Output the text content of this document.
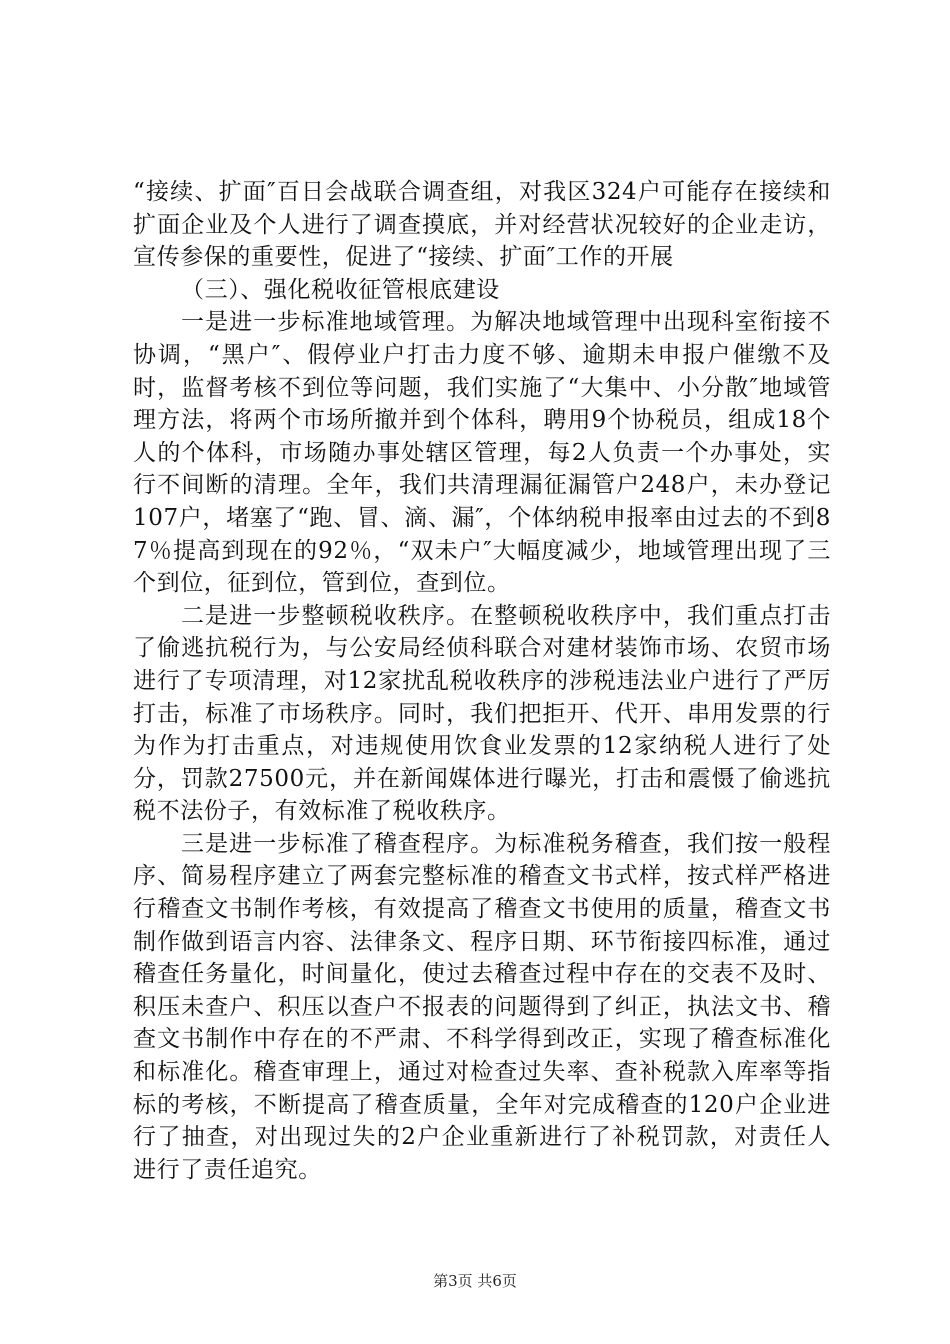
“接续、扩面″百日会战联合调查组，对我区324户可能存在接续和扩面企业及个人进行了调查摸底，并对经营状况较好的企业走访，宣传参保的重要性，促进了“接续、扩面″工作的开展

（三）、强化税收征管根底建设

一是进一步标准地域管理。为解决地域管理中出现科室衔接不协调，“黑户″、假停业户打击力度不够、逾期未申报户催缴不及时，监督考核不到位等问题，我们实施了“大集中、小分散″地域管理方法，将两个市场所撤并到个体科，聘用9个协税员，组成18个人的个体科，市场随办事处辖区管理，每2人负责一个办事处，实行不间断的清理。全年，我们共清理漏征漏管户248户，未办登记107户，堵塞了“跑、冒、滴、漏″，个体纳税申报率由过去的不到87％提高到现在的92％，“双未户″大幅度减少，地域管理出现了三个到位，征到位，管到位，查到位。

二是进一步整顿税收秩序。在整顿税收秩序中，我们重点打击了偷逃抗税行为，与公安局经侦科联合对建材装饰市场、农贸市场进行了专项清理，对12家扰乱税收秩序的涉税违法业户进行了严厉打击，标准了市场秩序。同时，我们把拒开、代开、串用发票的行为作为打击重点，对违规使用饮食业发票的12家纳税人进行了处分，罚款27500元，并在新闻媒体进行曝光，打击和震慑了偷逃抗税不法份子，有效标准了税收秩序。

三是进一步标准了稽查程序。为标准税务稽查，我们按一般程序、简易程序建立了两套完整标准的稽查文书式样，按式样严格进行稽查文书制作考核，有效提高了稽查文书使用的质量，稽查文书制作做到语言内容、法律条文、程序日期、环节衔接四标准，通过稽查任务量化，时间量化，使过去稽查过程中存在的交表不及时、积压未查户、积压以查户不报表的问题得到了纠正，执法文书、稽查文书制作中存在的不严肃、不科学得到改正，实现了稽查标准化和标准化。稽查审理上，通过对检查过失率、查补税款入库率等指标的考核，不断提高了稽查质量，全年对完成稽查的120户企业进行了抽查，对出现过失的2户企业重新进行了补税罚款，对责任人进行了责任追究。

第3页 共6页
